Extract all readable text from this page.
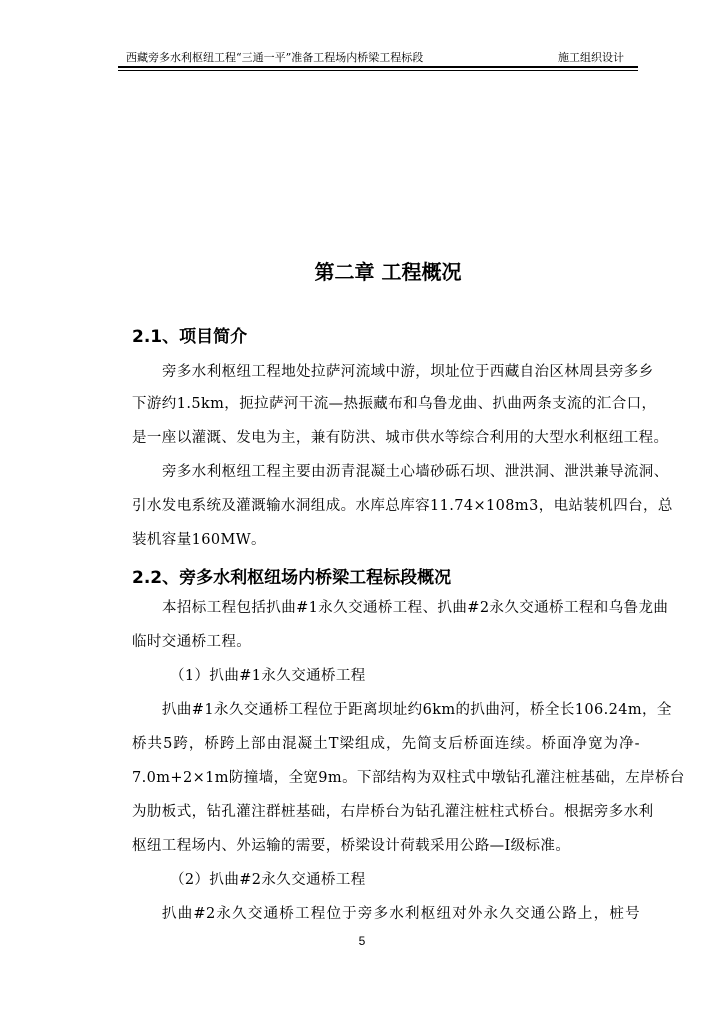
西藏旁多水利枢纽工程“三通一平”准备工程场内桥梁工程标段	施工组织设计
第二章 工程概况
2.1、项目简介
旁多水利枢纽工程地处拉萨河流域中游，坝址位于西藏自治区林周县旁多乡
下游约1.5km，扼拉萨河干流—热振藏布和乌鲁龙曲、扒曲两条支流的汇合口，
是一座以灌溉、发电为主，兼有防洪、城市供水等综合利用的大型水利枢纽工程。
旁多水利枢纽工程主要由沥青混凝土心墙砂砾石坝、泄洪洞、泄洪兼导流洞、
引水发电系统及灌溉输水洞组成。水库总库容11.74×108m3，电站装机四台，总
装机容量160MW。
2.2、旁多水利枢纽场内桥梁工程标段概况
本招标工程包括扒曲#1永久交通桥工程、扒曲#2永久交通桥工程和乌鲁龙曲
临时交通桥工程。
（1）扒曲#1永久交通桥工程
扒曲#1永久交通桥工程位于距离坝址约6km的扒曲河，桥全长106.24m，全
桥共5跨，桥跨上部由混凝土T梁组成，先简支后桥面连续。桥面净宽为净-
7.0m+2×1m防撞墙，全宽9m。下部结构为双柱式中墩钻孔灌注桩基础，左岸桥台
为肋板式，钻孔灌注群桩基础，右岸桥台为钻孔灌注桩柱式桥台。根据旁多水利
枢纽工程场内、外运输的需要，桥梁设计荷载采用公路—Ⅰ级标准。
（2）扒曲#2永久交通桥工程
扒曲#2永久交通桥工程位于旁多水利枢纽对外永久交通公路上，桩号
5
